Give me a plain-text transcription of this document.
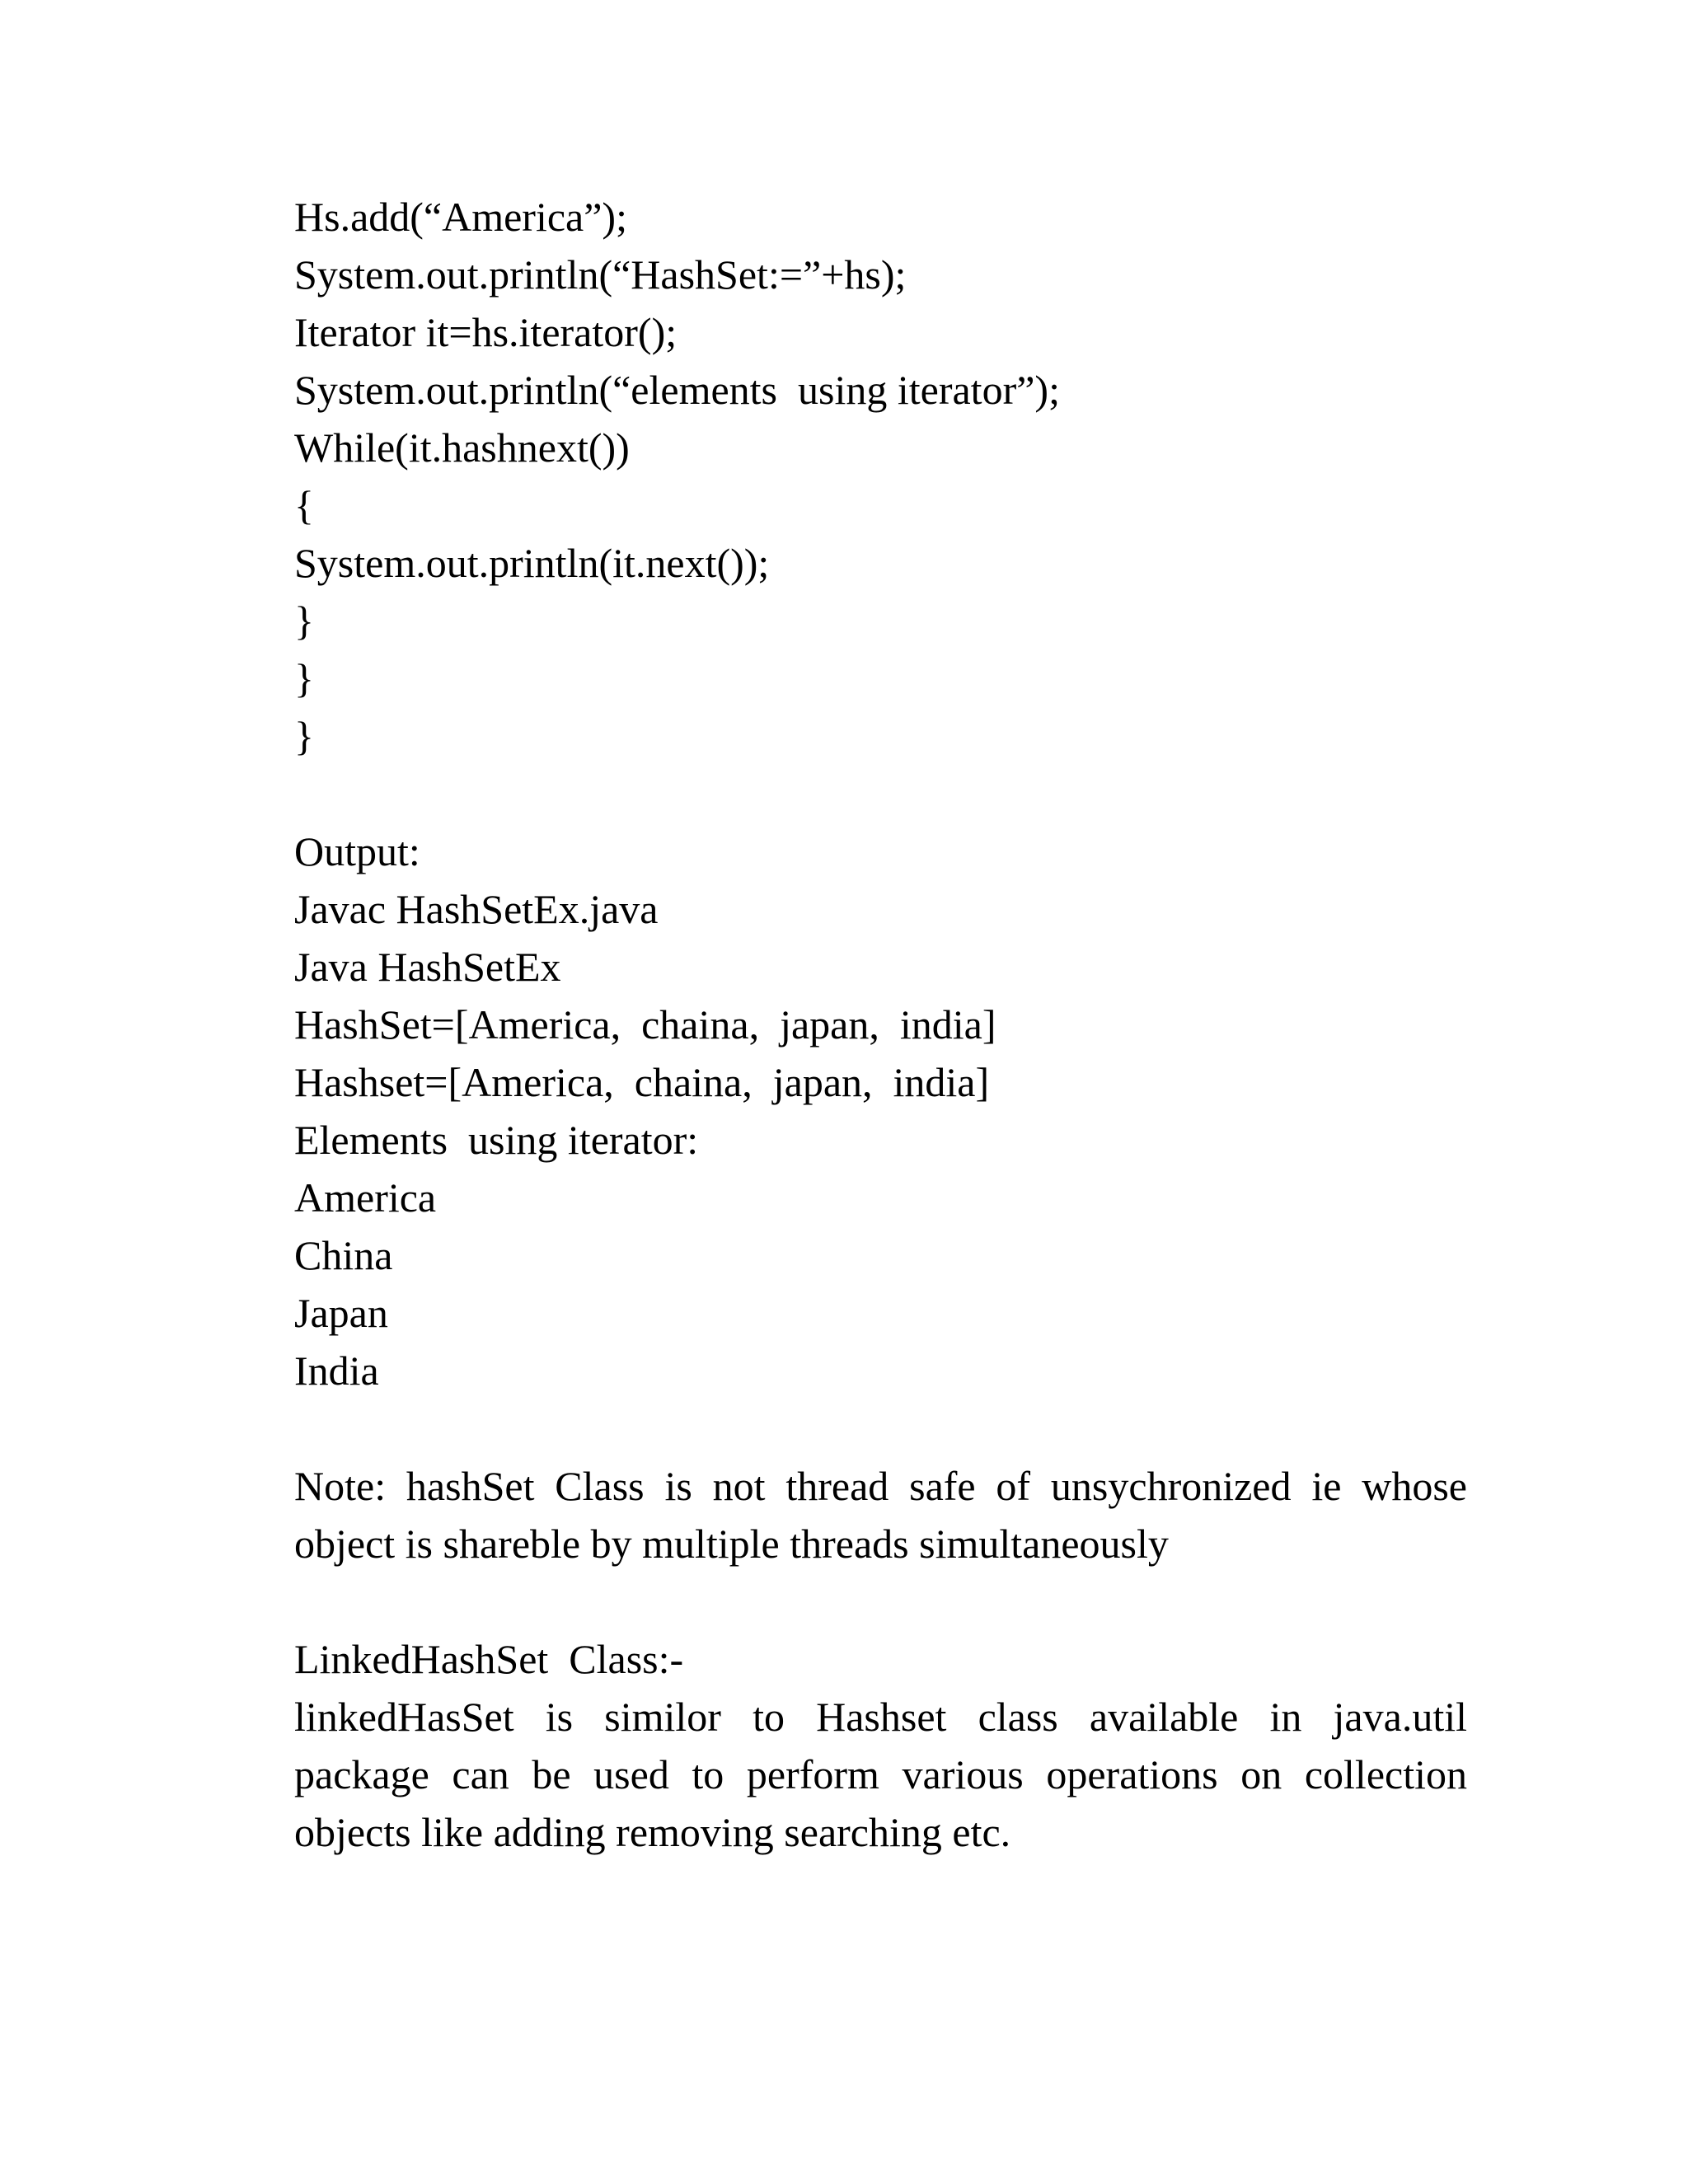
Hs.add(“America”);
System.out.println(“HashSet:=”+hs);
Iterator it=hs.iterator();
System.out.println(“elements  using iterator”);
While(it.hashnext())
{
System.out.println(it.next());
}
}
}
Output:
Javac HashSetEx.java
Java HashSetEx
HashSet=[America,  chaina,  japan,  india]
Hashset=[America,  chaina,  japan,  india]
Elements  using iterator:
America
China
Japan
India
Note: hashSet Class is not thread safe of unsychronized ie whose
object is shareble by multiple threads simultaneously
LinkedHashSet  Class:-
linkedHasSet is similor to Hashset class available in java.util
package can be used to perform various operations on collection
objects like adding removing searching etc.
